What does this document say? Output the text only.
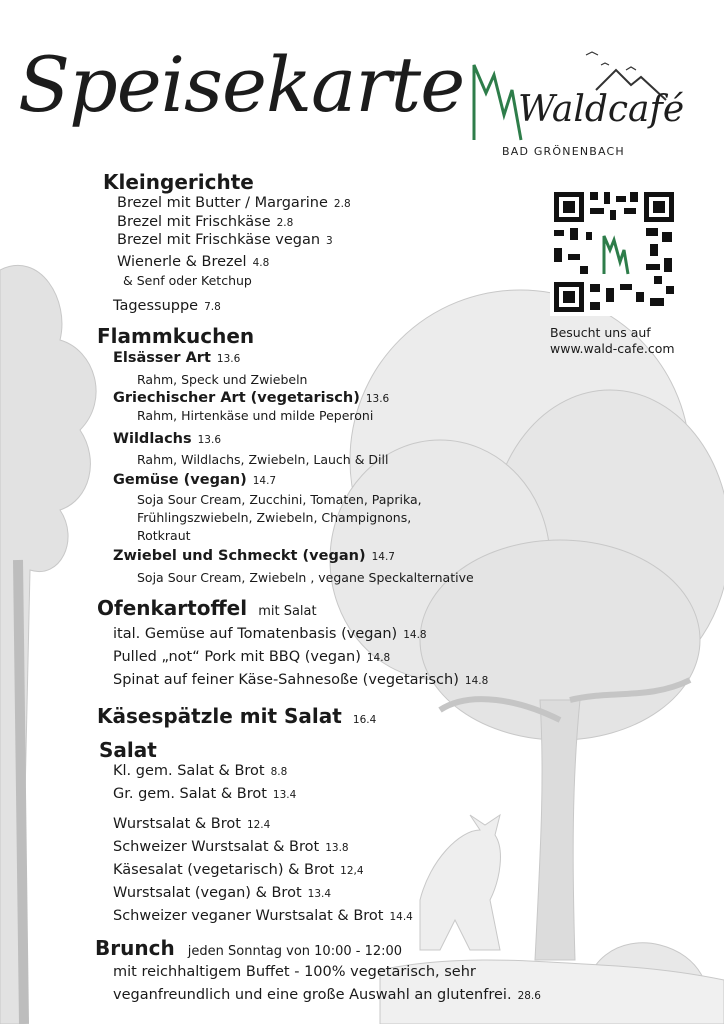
Speisekarte Waldcafé
BAD GRÖNENBACH
Besucht uns auf
www.wald-cafe.com
Kleingerichte
Brezel mit Butter / Margarine 2.8
Brezel mit Frischkäse 2.8
Brezel mit Frischkäse vegan 3
Wienerle & Brezel 4.8
& Senf oder Ketchup
Tagessuppe 7.8
Flammkuchen
Elsässer Art 13.6
Rahm, Speck und Zwiebeln
Griechischer Art (vegetarisch) 13.6
Rahm, Hirtenkäse und milde Peperoni
Wildlachs 13.6
Rahm, Wildlachs, Zwiebeln, Lauch & Dill
Gemüse (vegan) 14.7
Soja Sour Cream, Zucchini, Tomaten, Paprika,
Frühlingszwiebeln, Zwiebeln, Champignons,
Rotkraut
Zwiebel und Schmeckt (vegan) 14.7
Soja Sour Cream, Zwiebeln , vegane Speckalternative
Ofenkartoffel mit Salat
ital. Gemüse auf Tomatenbasis (vegan) 14.8
Pulled „not“ Pork mit BBQ (vegan) 14.8
Spinat auf feiner Käse-Sahnesoße (vegetarisch) 14.8
Käsespätzle mit Salat 16.4
Salat
Kl. gem. Salat & Brot 8.8
Gr. gem. Salat & Brot 13.4
Wurstsalat & Brot 12.4
Schweizer Wurstsalat & Brot 13.8
Käsesalat (vegetarisch) & Brot 12,4
Wurstsalat (vegan) & Brot 13.4
Schweizer veganer Wurstsalat & Brot 14.4
Brunch jeden Sonntag von 10:00 - 12:00
mit reichhaltigem Buffet - 100% vegetarisch, sehr
veganfreundlich und eine große Auswahl an glutenfrei. 28.6
